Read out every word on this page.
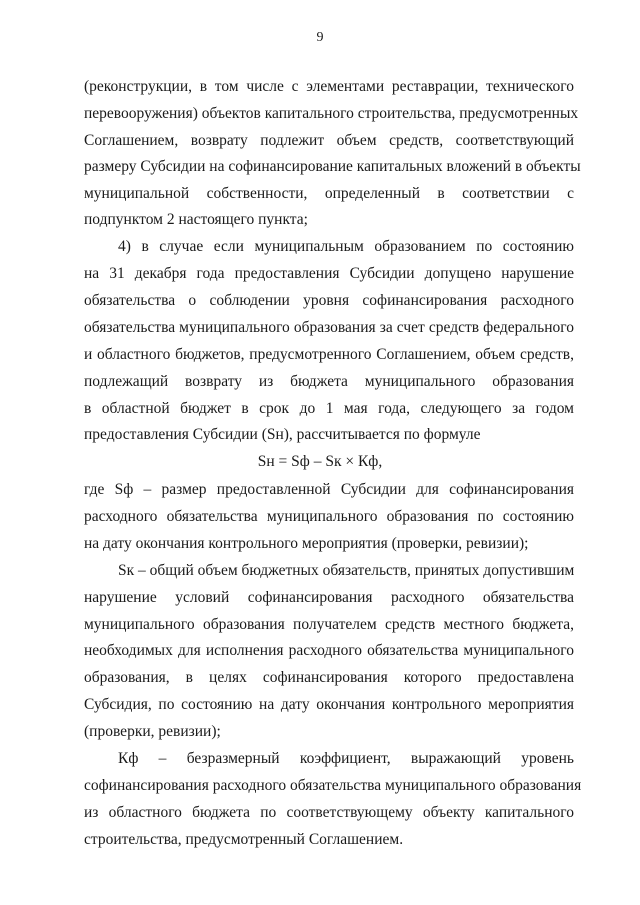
9
(реконструкции, в том числе с элементами реставрации, технического
перевооружения) объектов капитального строительства, предусмотренных
Соглашением, возврату подлежит объем средств, соответствующий
размеру Субсидии на софинансирование капитальных вложений в объекты
муниципальной собственности, определенный в соответствии с
подпунктом 2 настоящего пункта;
4) в случае если муниципальным образованием по состоянию
на 31 декабря года предоставления Субсидии допущено нарушение
обязательства о соблюдении уровня софинансирования расходного
обязательства муниципального образования за счет средств федерального
и областного бюджетов, предусмотренного Соглашением, объем средств,
подлежащий возврату из бюджета муниципального образования
в областной бюджет в срок до 1 мая года, следующего за годом
предоставления Субсидии (Sн), рассчитывается по формуле
Sн = Sф – Sк × Кф,
где Sф – размер предоставленной Субсидии для софинансирования
расходного обязательства муниципального образования по состоянию
на дату окончания контрольного мероприятия (проверки, ревизии);
Sк – общий объем бюджетных обязательств, принятых допустившим
нарушение условий софинансирования расходного обязательства
муниципального образования получателем средств местного бюджета,
необходимых для исполнения расходного обязательства муниципального
образования, в целях софинансирования которого предоставлена
Субсидия, по состоянию на дату окончания контрольного мероприятия
(проверки, ревизии);
Кф – безразмерный коэффициент, выражающий уровень
софинансирования расходного обязательства муниципального образования
из областного бюджета по соответствующему объекту капитального
строительства, предусмотренный Соглашением.
